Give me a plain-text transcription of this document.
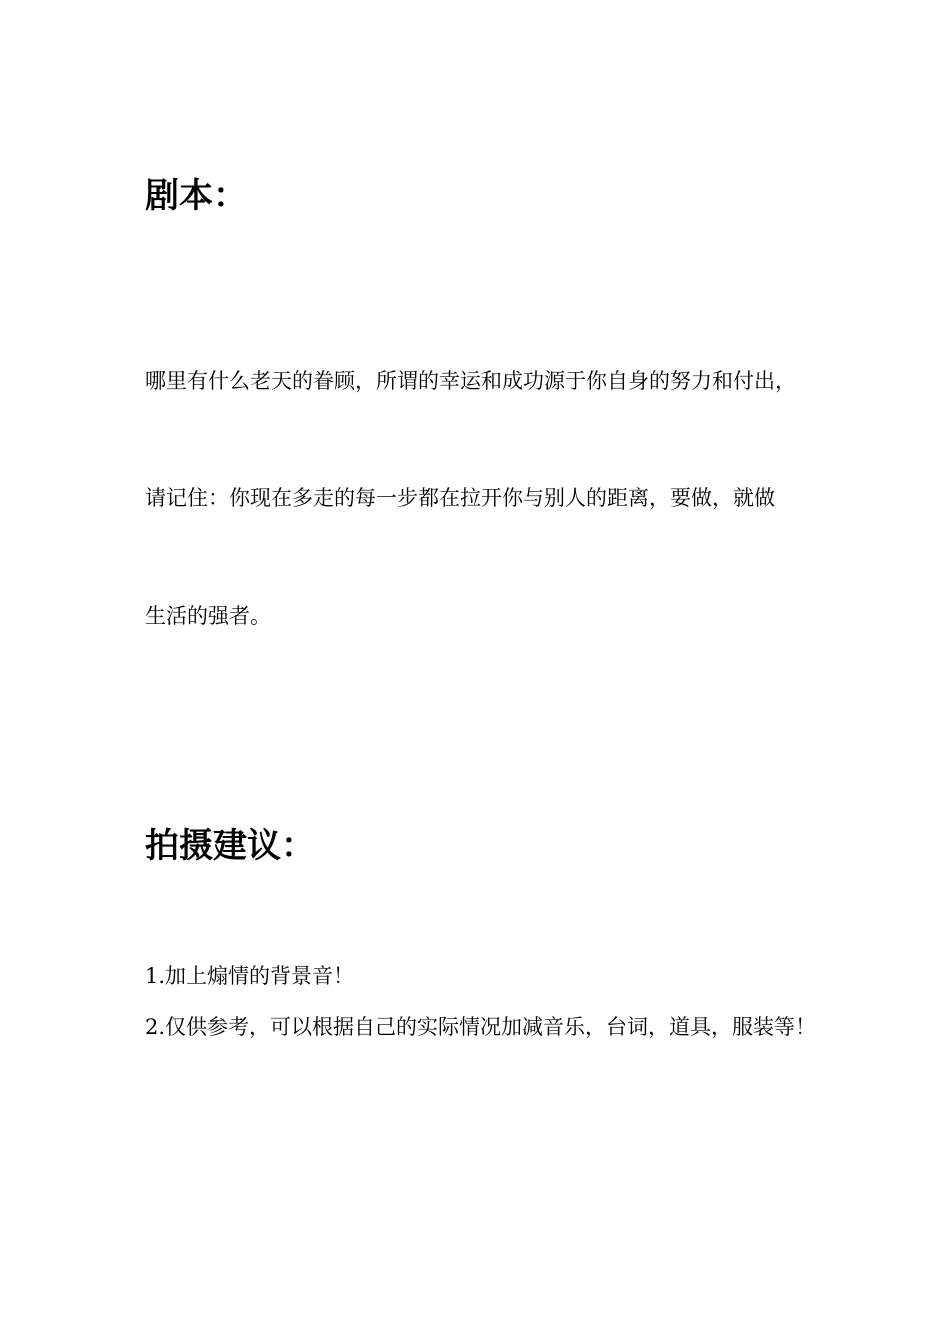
剧本：

哪里有什么老天的眷顾，所谓的幸运和成功源于你自身的努力和付出，

请记住：你现在多走的每一步都在拉开你与别人的距离，要做，就做

生活的强者。

拍摄建议：

1.加上煽情的背景音！

2.仅供参考，可以根据自己的实际情况加减音乐，台词，道具，服装等！
